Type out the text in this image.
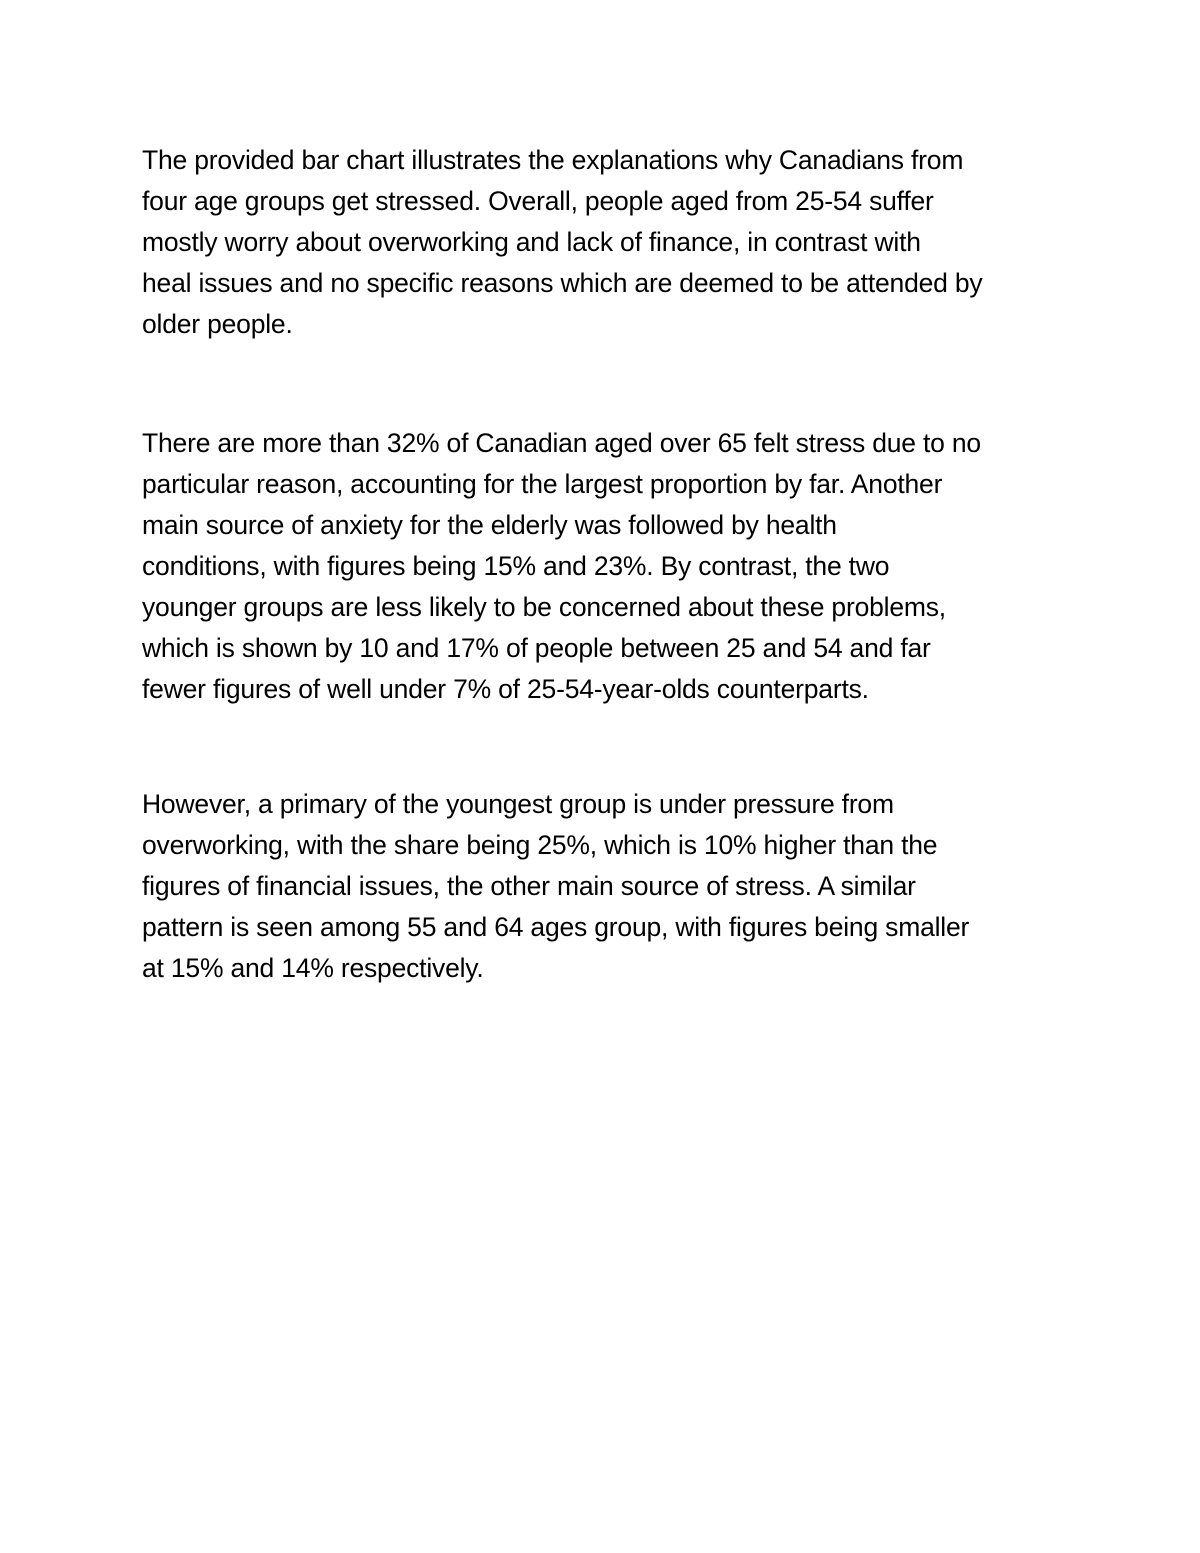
The provided bar chart illustrates the explanations why Canadians from
four age groups get stressed. Overall, people aged from 25-54 suffer
mostly worry about overworking and lack of finance, in contrast with
heal issues and no specific reasons which are deemed to be attended by
older people.
There are more than 32% of Canadian aged over 65 felt stress due to no
particular reason, accounting for the largest proportion by far. Another
main source of anxiety for the elderly was followed by health
conditions, with figures being 15% and 23%. By contrast, the two
younger groups are less likely to be concerned about these problems,
which is shown by 10 and 17% of people between 25 and 54 and far
fewer figures of well under 7% of 25-54-year-olds counterparts.
However, a primary of the youngest group is under pressure from
overworking, with the share being 25%, which is 10% higher than the
figures of financial issues, the other main source of stress. A similar
pattern is seen among 55 and 64 ages group, with figures being smaller
at 15% and 14% respectively.
